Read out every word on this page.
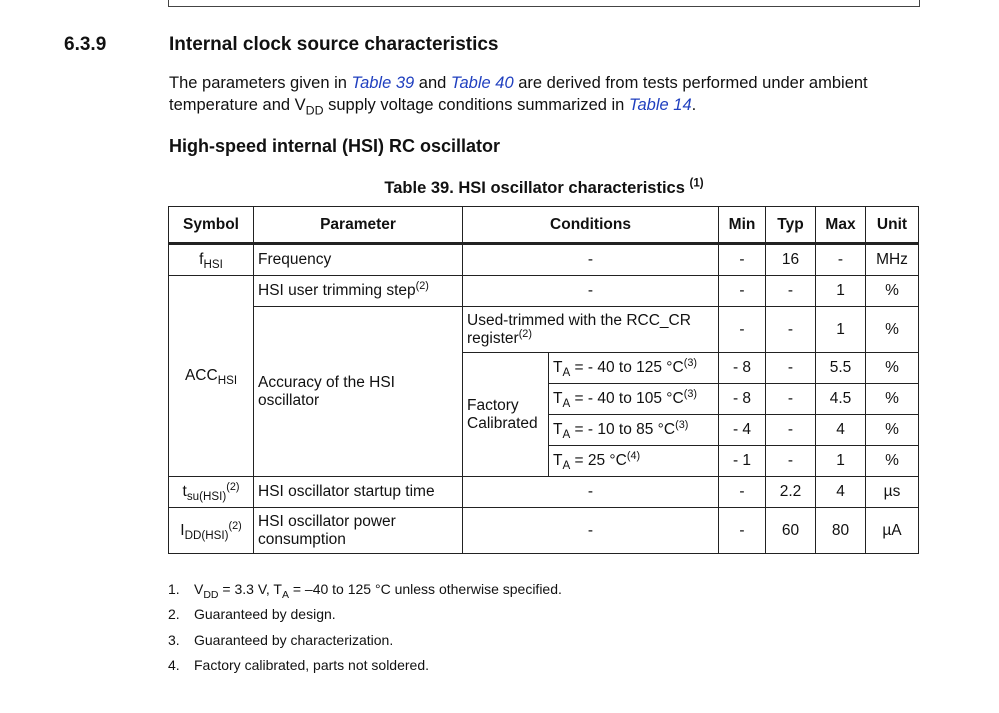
6.3.9	Internal clock source characteristics
The parameters given in Table 39 and Table 40 are derived from tests performed under ambient temperature and $V_{DD}$ supply voltage conditions summarized in Table 14.
High-speed internal (HSI) RC oscillator
Table 39. HSI oscillator characteristics $^{(1)}$
Symbol	Parameter	Conditions		Min	Typ	Max	Unit
$f_{HSI}$	Frequency	-		-	16	-	MHz
$ACC_{HSI}$	HSI user trimming step$^{(2)}$	-		-	-	1	%
	Accuracy of the HSI oscillator	Used-trimmed with the RCC_CR register$^{(2)}$		-	-	1	%
		Factory Calibrated	$T_A$ = - 40 to 125 $^\circ C^{(3)}$	- 8	-	5.5	%
			$T_A$ = - 40 to 105 $^\circ C^{(3)}$	- 8	-	4.5	%
			$T_A$ = - 10 to 85 $^\circ C^{(3)}$	- 4	-	4	%
			$T_A = 25$ $^\circ C^{(4)}$	- 1	-	1	%
$t_{su(HSI)}^{(2)}$	HSI oscillator startup time	-		-	2.2	4	µs
$I_{DD(HSI)}^{(2)}$	HSI oscillator power consumption	-		-	60	80	µA
1.	$V_{DD} = 3.3$ V, $T_A = -40$ to 125 °C unless otherwise specified.
2.	Guaranteed by design.
3.	Guaranteed by characterization.
4.	Factory calibrated, parts not soldered.
